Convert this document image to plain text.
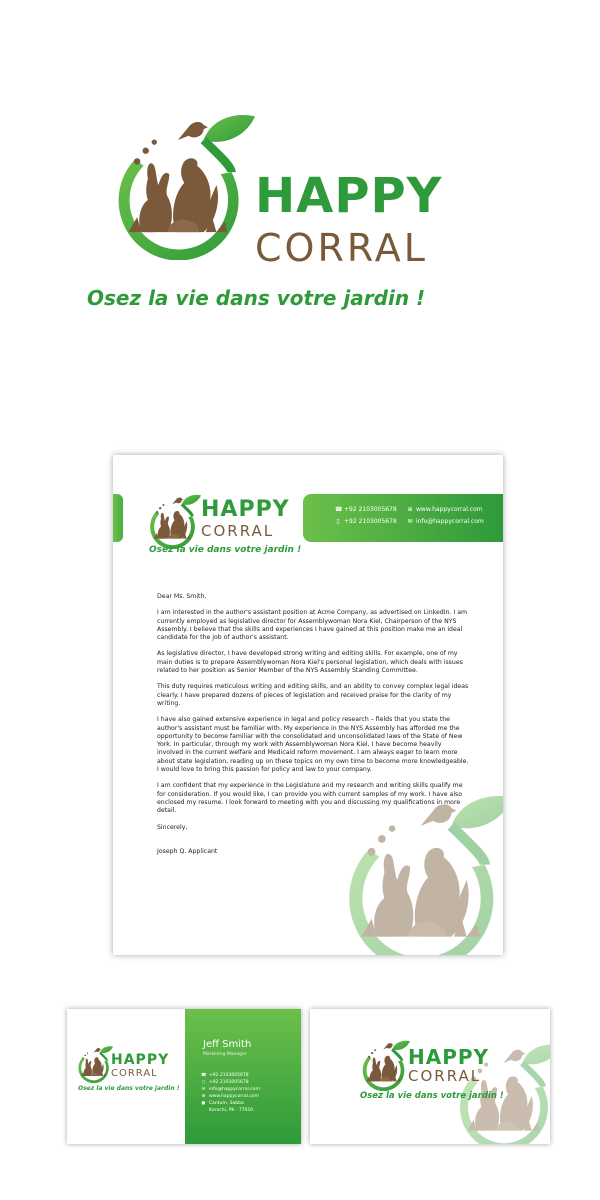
HAPPY
CORRAL
Osez la vie dans votre jardin !
☎ +92 2103005678 ⊕ www.happycorral.com
▯ +92 2103005678 ✉ info@happycorral.com
HAPPY
CORRAL
Osez la vie dans votre jardin !

Dear Ms. Smith,

I am interested in the author's assistant position at Acme Company, as advertised on LinkedIn. I am currently employed as legislative director for Assemblywoman Nora Kiel, Chairperson of the NYS Assembly. I believe that the skills and experiences I have gained at this position make me an ideal candidate for the job of author's assistant.

As legislative director, I have developed strong writing and editing skills. For example, one of my main duties is to prepare Assemblywoman Nora Kiel's personal legislation, which deals with issues related to her position as Senior Member of the NYS Assembly Standing Committee.

This duty requires meticulous writing and editing skills, and an ability to convey complex legal ideas clearly. I have prepared dozens of pieces of legislation and received praise for the clarity of my writing.

I have also gained extensive experience in legal and policy research – fields that you state the author's assistant must be familiar with. My experience in the NYS Assembly has afforded me the opportunity to become familiar with the consolidated and unconsolidated laws of the State of New York. In particular, through my work with Assemblywoman Nora Kiel, I have become heavily involved in the current welfare and Medicaid reform movement. I am always eager to learn more about state legislation, reading up on these topics on my own time to become more knowledgeable. I would love to bring this passion for policy and law to your company.

I am confident that my experience in the Legislature and my research and writing skills qualify me for consideration. If you would like, I can provide you with current samples of my work. I have also enclosed my resume. I look forward to meeting with you and discussing my qualifications in more detail.

Sincerely,

Joseph Q. Applicant

HAPPY
CORRAL
Osez la vie dans votre jardin !
Jeff Smith
Marketing Manager
☎ +92 2103005678
▯ +92 2103005678
✉ info@happycorral.com
⊕ www.happycorral.com
● Cantum, Sabba
Karachi, PK - 77650
HAPPY
CORRAL
Osez la vie dans votre jardin !
